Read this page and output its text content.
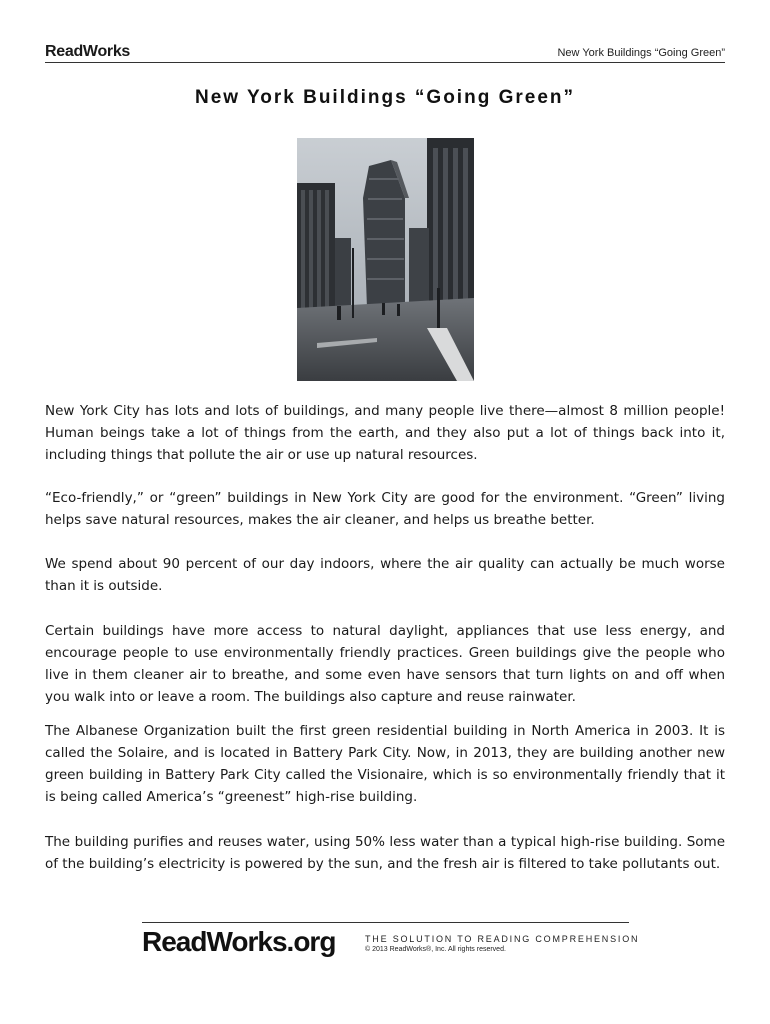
ReadWorks	New York Buildings “Going Green”
New York Buildings “Going Green”

New York City has lots and lots of buildings, and many people live there—almost 8 million people! Human beings take a lot of things from the earth, and they also put a lot of things back into it, including things that pollute the air or use up natural resources.

“Eco-friendly,” or “green” buildings in New York City are good for the environment. “Green” living helps save natural resources, makes the air cleaner, and helps us breathe better.

We spend about 90 percent of our day indoors, where the air quality can actually be much worse than it is outside.

Certain buildings have more access to natural daylight, appliances that use less energy, and encourage people to use environmentally friendly practices. Green buildings give the people who live in them cleaner air to breathe, and some even have sensors that turn lights on and off when you walk into or leave a room. The buildings also capture and reuse rainwater.

The Albanese Organization built the first green residential building in North America in 2003. It is called the Solaire, and is located in Battery Park City. Now, in 2013, they are building another new green building in Battery Park City called the Visionaire, which is so environmentally friendly that it is being called America’s “greenest” high-rise building.

The building purifies and reuses water, using 50% less water than a typical high-rise building. Some of the building’s electricity is powered by the sun, and the fresh air is filtered to take pollutants out.

ReadWorks.org	THE SOLUTION TO READING COMPREHENSION
© 2013 ReadWorks®, Inc. All rights reserved.
